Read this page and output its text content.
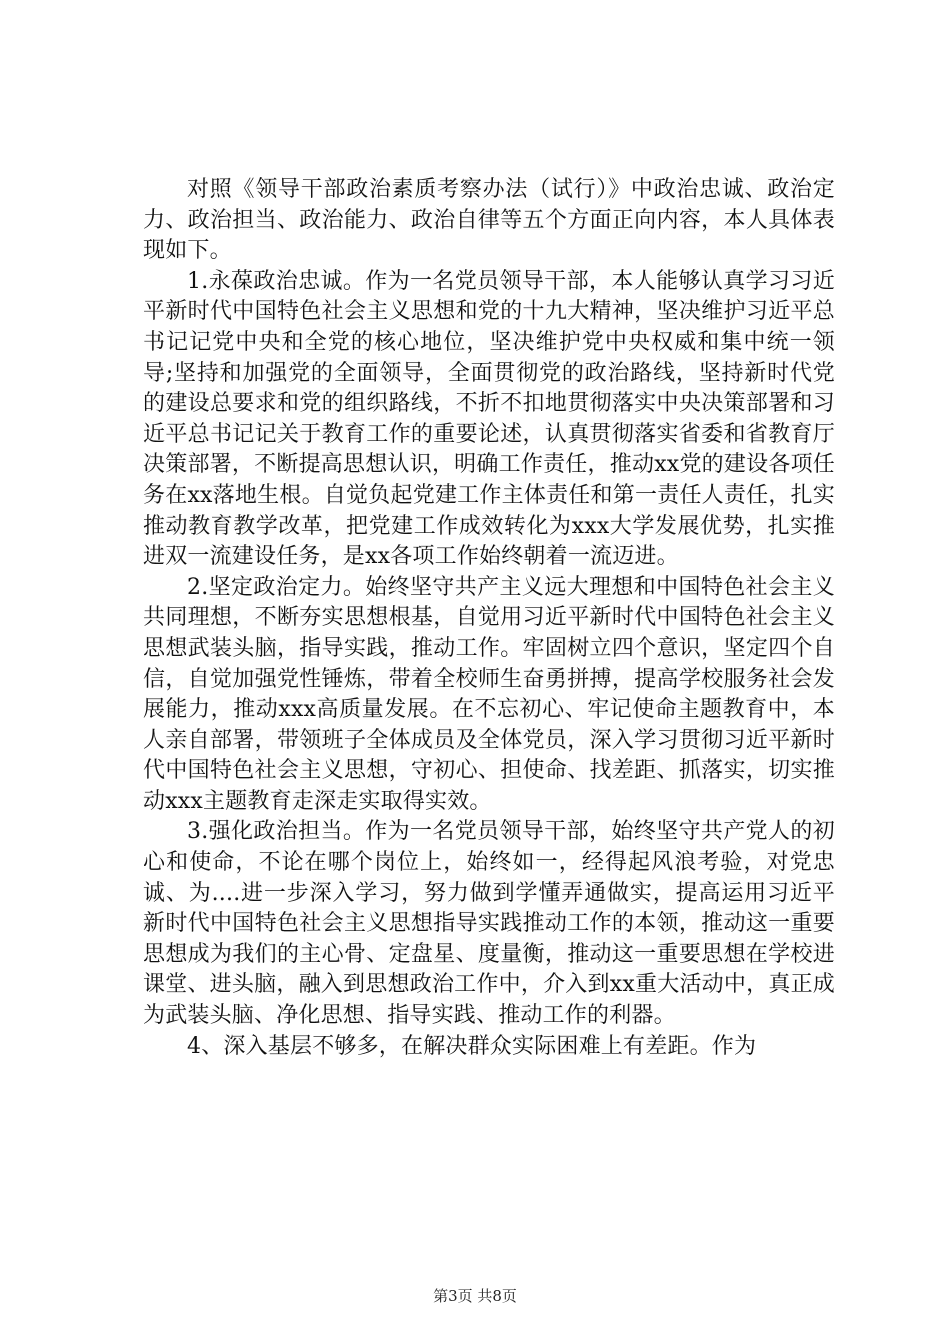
对照《领导干部政治素质考察办法（试行）》中政治忠诚、政治定力、政治担当、政治能力、政治自律等五个方面正向内容，本人具体表现如下。

1.永葆政治忠诚。作为一名党员领导干部，本人能够认真学习习近平新时代中国特色社会主义思想和党的十九大精神，坚决维护习近平总书记记党中央和全党的核心地位，坚决维护党中央权威和集中统一领导;坚持和加强党的全面领导，全面贯彻党的政治路线，坚持新时代党的建设总要求和党的组织路线，不折不扣地贯彻落实中央决策部署和习近平总书记记关于教育工作的重要论述，认真贯彻落实省委和省教育厅决策部署，不断提高思想认识，明确工作责任，推动xx党的建设各项任务在xx落地生根。自觉负起党建工作主体责任和第一责任人责任，扎实推动教育教学改革，把党建工作成效转化为xxx大学发展优势，扎实推进双一流建设任务，是xx各项工作始终朝着一流迈进。

2.坚定政治定力。始终坚守共产主义远大理想和中国特色社会主义共同理想，不断夯实思想根基，自觉用习近平新时代中国特色社会主义思想武装头脑，指导实践，推动工作。牢固树立四个意识，坚定四个自信，自觉加强党性锤炼，带着全校师生奋勇拼搏，提高学校服务社会发展能力，推动xxx高质量发展。在不忘初心、牢记使命主题教育中，本人亲自部署，带领班子全体成员及全体党员，深入学习贯彻习近平新时代中国特色社会主义思想，守初心、担使命、找差距、抓落实，切实推动xxx主题教育走深走实取得实效。

3.强化政治担当。作为一名党员领导干部，始终坚守共产党人的初心和使命，不论在哪个岗位上，始终如一，经得起风浪考验，对党忠诚、为....进一步深入学习，努力做到学懂弄通做实，提高运用习近平新时代中国特色社会主义思想指导实践推动工作的本领，推动这一重要思想成为我们的主心骨、定盘星、度量衡，推动这一重要思想在学校进课堂、进头脑，融入到思想政治工作中，介入到xx重大活动中，真正成为武装头脑、净化思想、指导实践、推动工作的利器。

4、深入基层不够多，在解决群众实际困难上有差距。作为

第3页 共8页
